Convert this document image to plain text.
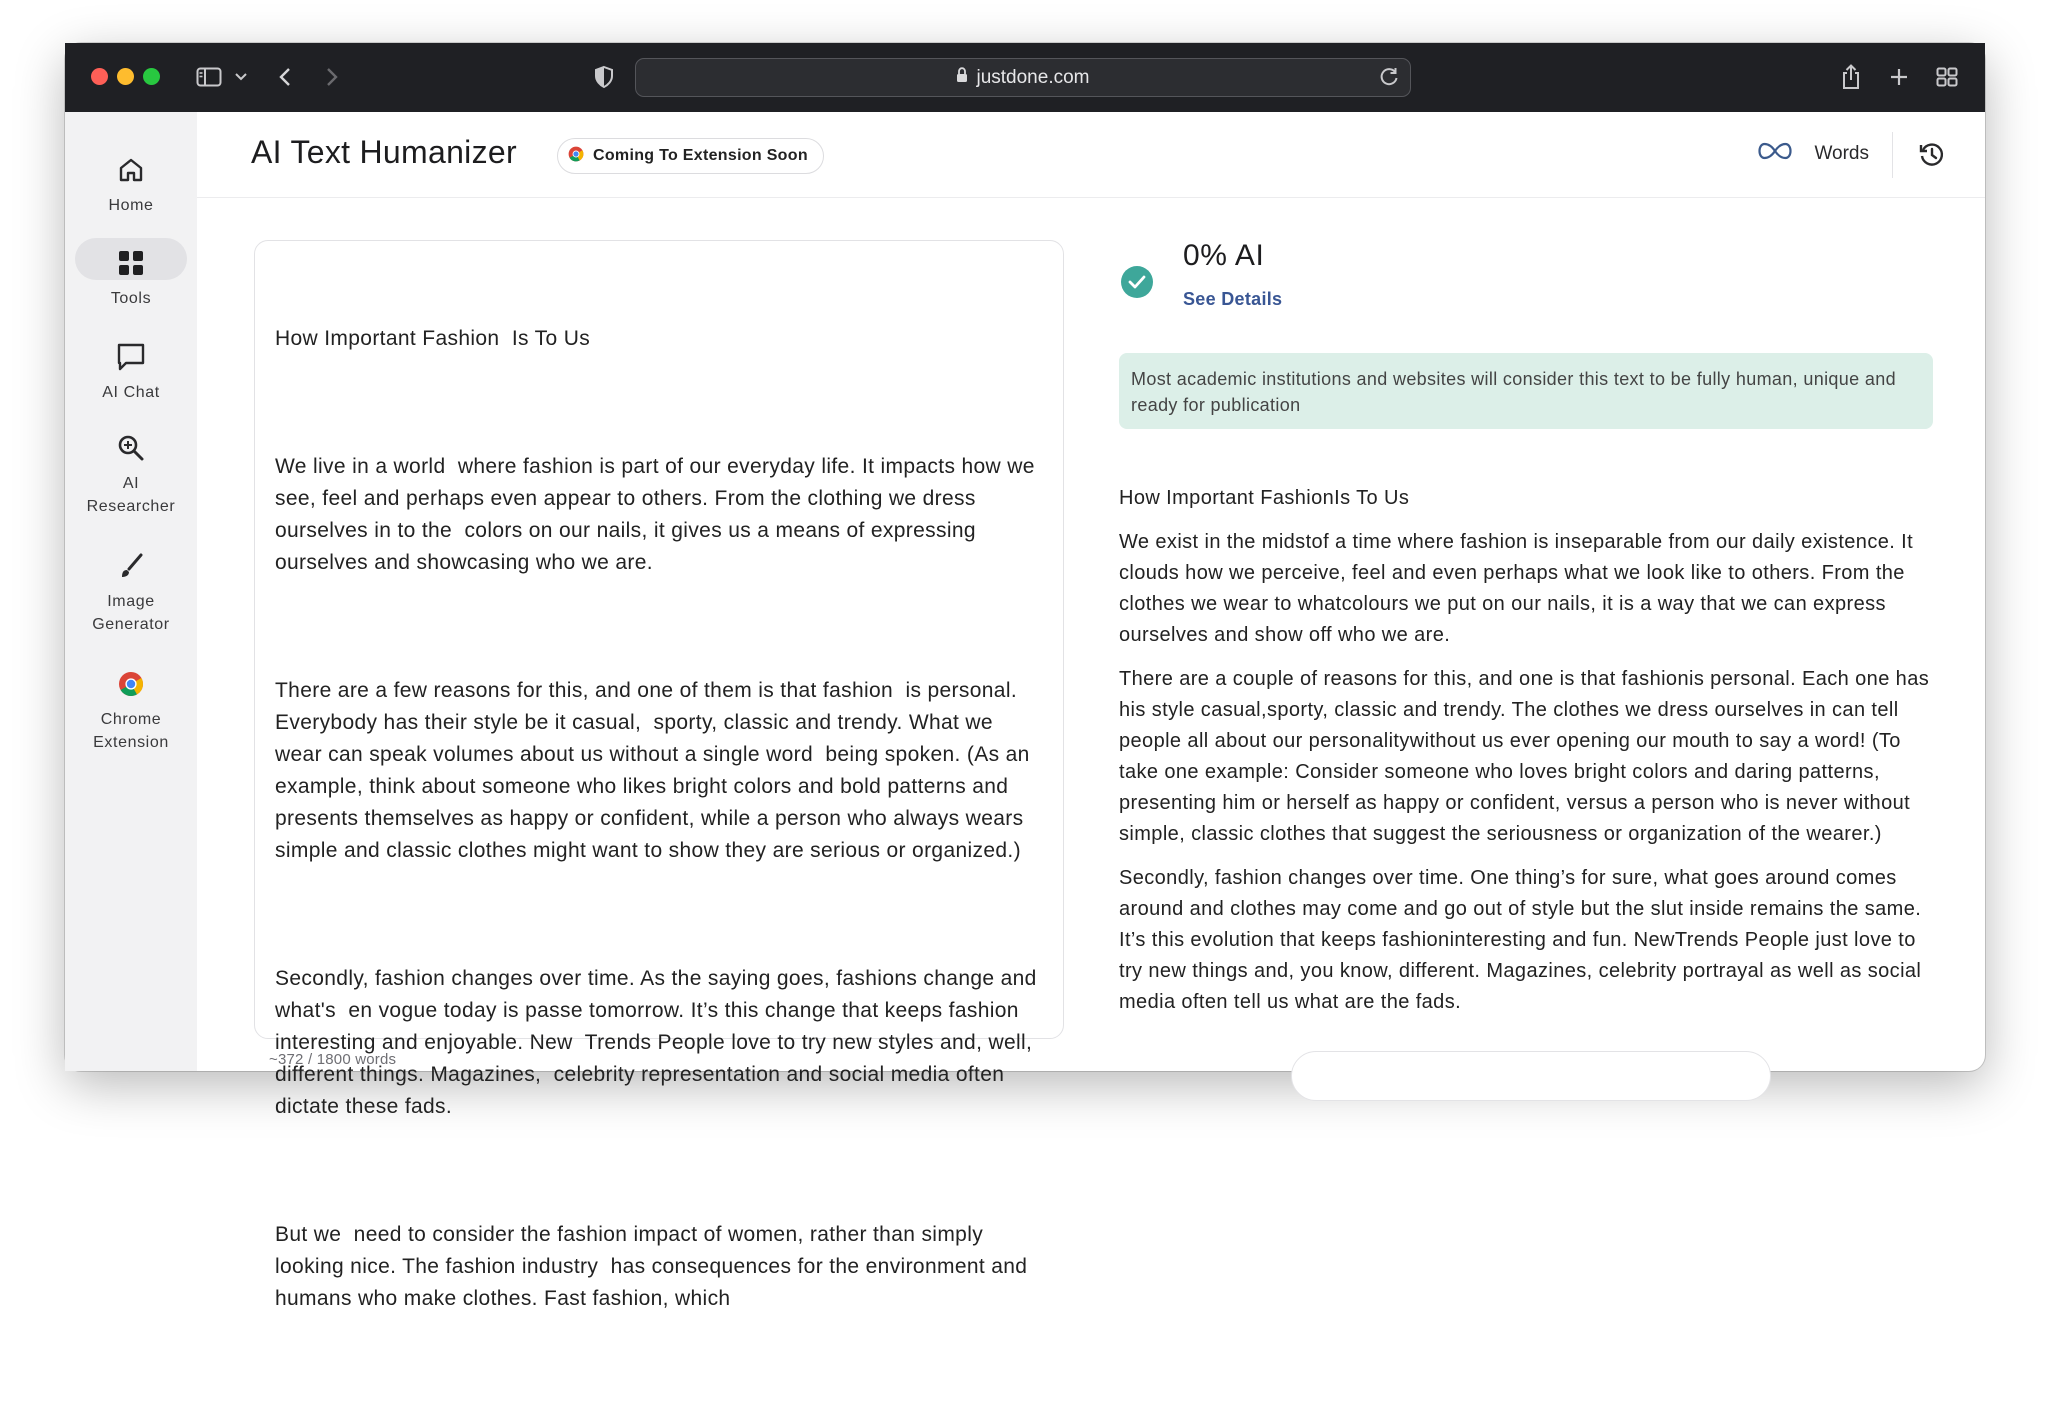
justdone.com
Home
Tools
AI Chat
AI
Researcher
Image
Generator
Chrome
Extension
AI Text Humanizer	Coming To Extension Soon	Words

How Important Fashion  Is To Us

We live in a world  where fashion is part of our everyday life. It impacts how we see, feel and perhaps even appear to others. From the clothing we dress ourselves in to the  colors on our nails, it gives us a means of expressing ourselves and showcasing who we are.

There are a few reasons for this, and one of them is that fashion  is personal. Everybody has their style be it casual,  sporty, classic and trendy. What we wear can speak volumes about us without a single word  being spoken. (As an example, think about someone who likes bright colors and bold patterns and presents themselves as happy or confident, while a person who always wears  simple and classic clothes might want to show they are serious or organized.)

Secondly, fashion changes over time. As the saying goes, fashions change and what's  en vogue today is passe tomorrow. It’s this change that keeps fashion  interesting and enjoyable. New  Trends People love to try new styles and, well, different things. Magazines,  celebrity representation and social media often dictate these fads.

But we  need to consider the fashion impact of women, rather than simply looking nice. The fashion industry  has consequences for the environment and humans who make clothes. Fast fashion, which

~372 / 1800 words
0% AI
See Details
Most academic institutions and websites will consider this text to be fully human, unique and ready for publication

How Important FashionIs To Us

We exist in the midstof a time where fashion is inseparable from our daily existence. It clouds how we perceive, feel and even perhaps what we look like to others. From the clothes we wear to whatcolours we put on our nails, it is a way that we can express ourselves and show off who we are.

There are a couple of reasons for this, and one is that fashionis personal. Each one has his style casual,sporty, classic and trendy. The clothes we dress ourselves in can tell people all about our personalitywithout us ever opening our mouth to say a word! (To take one example: Consider someone who loves bright colors and daring patterns, presenting him or herself as happy or confident, versus a person who is never without simple, classic clothes that suggest the seriousness or organization of the wearer.)

Secondly, fashion changes over time. One thing’s for sure, what goes around comes around and clothes may come and go out of style but the slut inside remains the same. It’s this evolution that keeps fashioninteresting and fun. NewTrends People just love to try new things and, you know, different. Magazines, celebrity portrayal as well as social media often tell us what are the fads.
